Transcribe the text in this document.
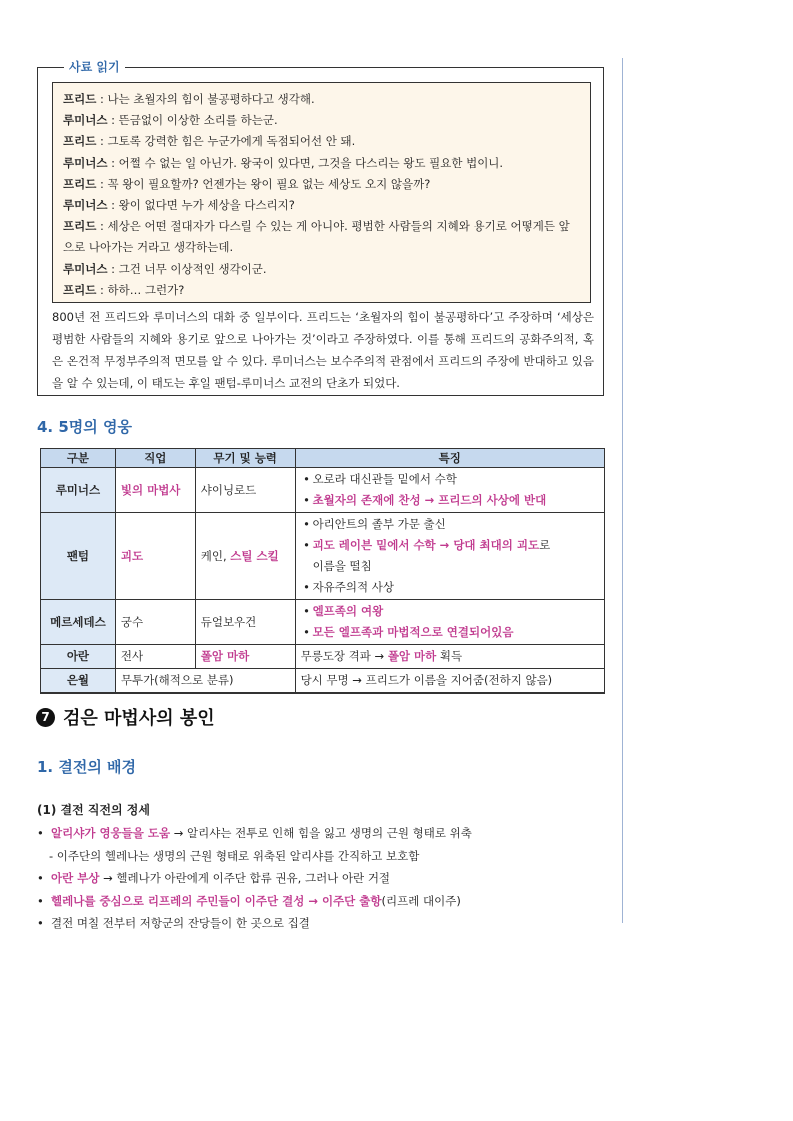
사료 읽기
프리드 : 나는 초월자의 힘이 불공평하다고 생각해.
루미너스 : 뜬금없이 이상한 소리를 하는군.
프리드 : 그토록 강력한 힘은 누군가에게 독점되어선 안 돼.
루미너스 : 어쩔 수 없는 일 아닌가. 왕국이 있다면, 그것을 다스리는 왕도 필요한 법이니.
프리드 : 꼭 왕이 필요할까? 언젠가는 왕이 필요 없는 세상도 오지 않을까?
루미너스 : 왕이 없다면 누가 세상을 다스리지?
프리드 : 세상은 어떤 절대자가 다스릴 수 있는 게 아니야. 평범한 사람들의 지혜와 용기로 어떻게든 앞으로 나아가는 거라고 생각하는데.
루미너스 : 그건 너무 이상적인 생각이군.
프리드 : 하하… 그런가?
800년 전 프리드와 루미너스의 대화 중 일부이다. 프리드는 ‘초월자의 힘이 불공평하다’고 주장하며 ‘세상은 평범한 사람들의 지혜와 용기로 앞으로 나아가는 것’이라고 주장하였다. 이를 통해 프리드의 공화주의적, 혹은 온건적 무정부주의적 면모를 알 수 있다. 루미너스는 보수주의적 관점에서 프리드의 주장에 반대하고 있음을 알 수 있는데, 이 태도는 후일 팬텀-루미너스 교전의 단초가 되었다.
4. 5명의 영웅
구분	직업	무기 및 능력	특징
루미너스	빛의 마법사	샤이닝로드	• 오로라 대신관들 밑에서 수학
• 초월자의 존재에 찬성 → 프리드의 사상에 반대

팬텀	괴도	케인, 스틸 스킬	• 아리안트의 졸부 가문 출신
• 괴도 레이븐 밑에서 수학 → 당대 최대의 괴도로
이름을 떨침
• 자유주의적 사상

메르세데스	궁수	듀얼보우건	• 엘프족의 여왕
• 모든 엘프족과 마법적으로 연결되어있음

아란	전사	폴암 마하	무릉도장 격파 → 폴암 마하 획득
은월	무투가(해적으로 분류)		당시 무명 → 프리드가 이름을 지어줌(전하지 않음)
7 검은 마법사의 봉인
1. 결전의 배경
(1) 결전 직전의 정세
• 알리샤가 영웅들을 도움 → 알리샤는 전투로 인해 힘을 잃고 생명의 근원 형태로 위축
- 이주단의 헬레나는 생명의 근원 형태로 위축된 알리샤를 간직하고 보호함
• 아란 부상 → 헬레나가 아란에게 이주단 합류 권유, 그러나 아란 거절
• 헬레나를 중심으로 리프레의 주민들이 이주단 결성 → 이주단 출항(리프레 대이주)
• 결전 며칠 전부터 저항군의 잔당들이 한 곳으로 집결
